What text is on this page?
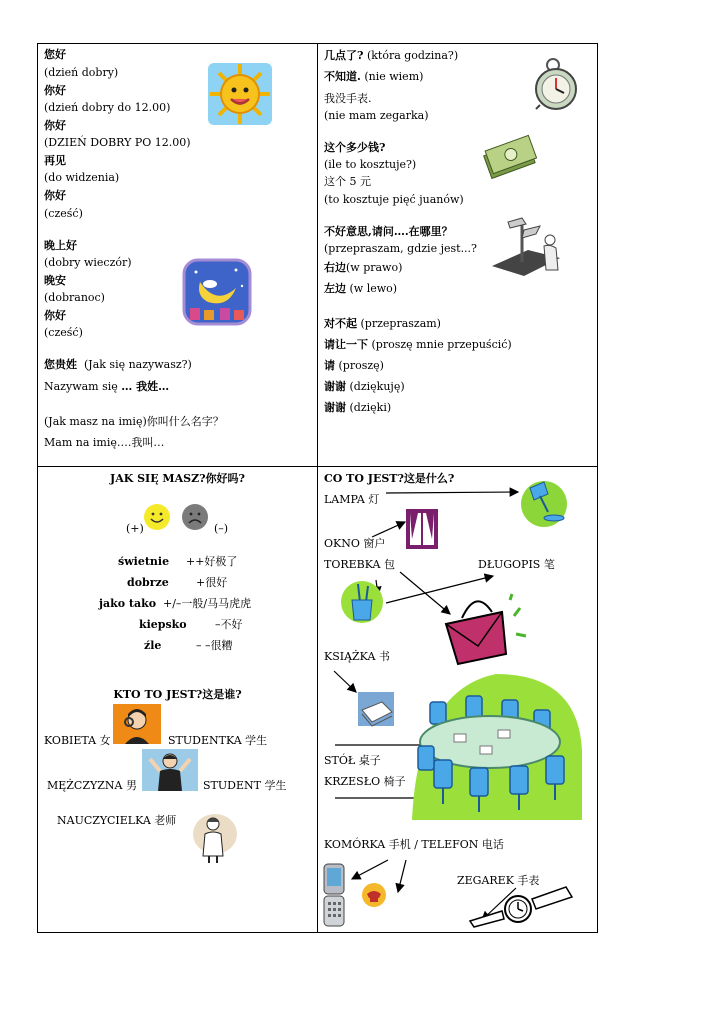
您好
(dzień dobry)
你好
(dzień dobry do 12.00)
你好
(DZIEŃ DOBRY PO 12.00)
再见
(do widzenia)
你好
(cześć)
晚上好
(dobry wieczór)
晚安
(dobranoc)
你好
(cześć)
您贵姓 (Jak się nazywasz?)
Nazywam się … 我姓…
(Jak masz na imię)你叫什么名字？
Mam na imię….我叫…
几点了? (która godzina?)
不知道. (nie wiem)
我没手表.
(nie mam zegarka)
这个多少钱?
(ile to kosztuje?)
这个 5 元
(to kosztuje pięć juanów)
不好意思,请问….在哪里？
(przepraszam, gdzie jest...?
右边(w prawo)
左边 (w lewo)
对不起 (przepraszam)
请让一下 (proszę mnie przepuścić)
请 (proszę)
谢谢 (dziękuję)
谢谢 (dzięki)
JAK SIĘ MASZ?你好吗?
(+)	(–)
świetnie ++好极了
dobrze +很好
jako tako +/–一般/马马虎虎
kiepsko	–不好
źle	– –很糟
KTO TO JEST?这是谁?
KOBIETA 女	STUDENTKA 学生
MĘŻCZYZNA 男	STUDENT 学生
NAUCZYCIELKA 老师
CO TO JEST?这是什么?
LAMPA 灯
OKNO 窗户
TOREBKA 包	DŁUGOPIS 笔
KSIĄŻKA 书
STÓŁ 桌子
KRZESŁO 椅子
KOMÓRKA 手机 / TELEFON 电话
ZEGAREK 手表
